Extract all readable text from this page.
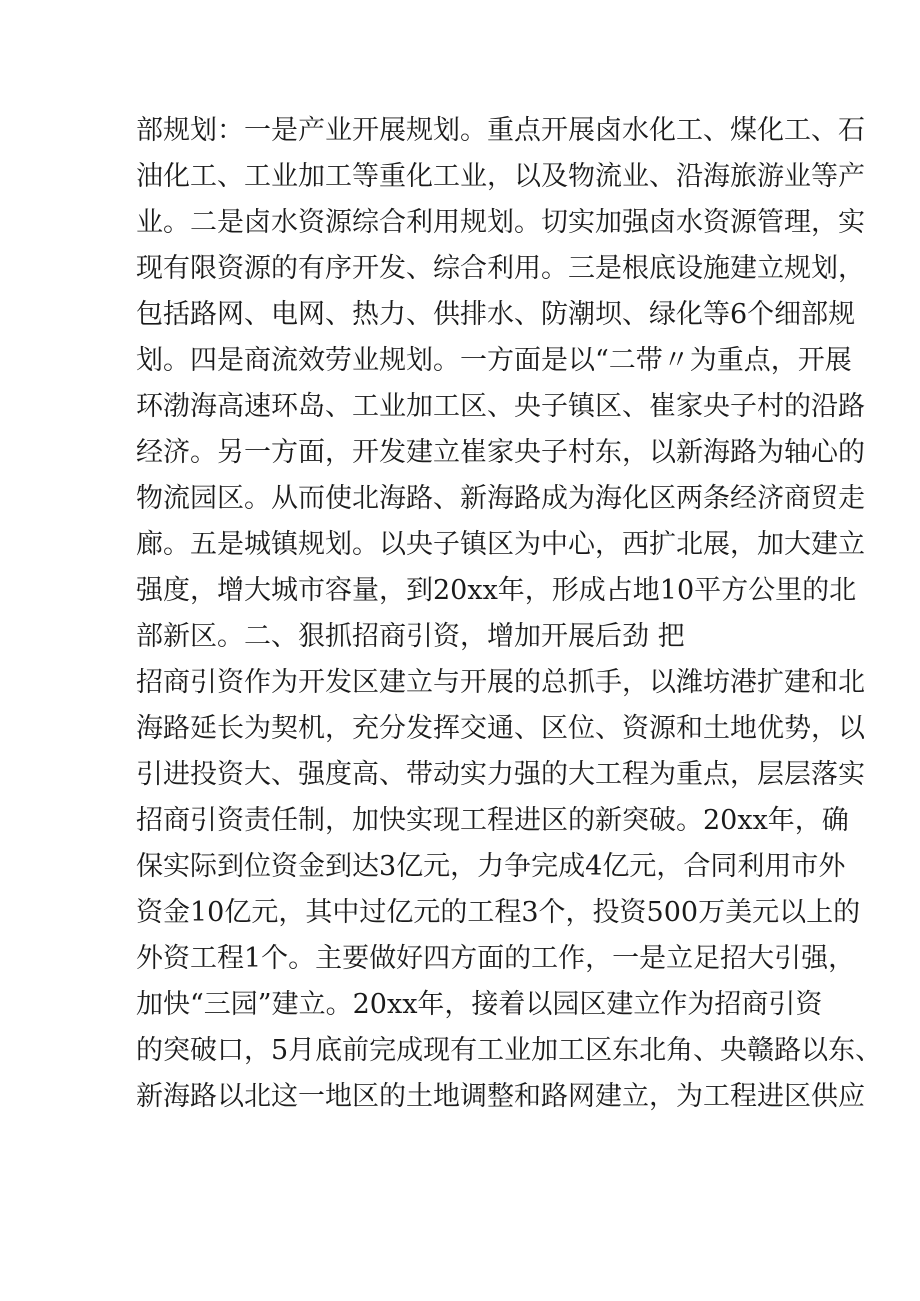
部规划：一是产业开展规划。重点开展卤水化工、煤化工、石
油化工、工业加工等重化工业，以及物流业、沿海旅游业等产
业。二是卤水资源综合利用规划。切实加强卤水资源管理，实
现有限资源的有序开发、综合利用。三是根底设施建立规划，
包括路网、电网、热力、供排水、防潮坝、绿化等6个细部规
划。四是商流效劳业规划。一方面是以“二带〃为重点，开展
环渤海高速环岛、工业加工区、央子镇区、崔家央子村的沿路
经济。另一方面，开发建立崔家央子村东，以新海路为轴心的
物流园区。从而使北海路、新海路成为海化区两条经济商贸走
廊。五是城镇规划。以央子镇区为中心，西扩北展，加大建立
强度，增大城市容量，到20xx年，形成占地10平方公里的北
部新区。二、狠抓招商引资，增加开展后劲 把
招商引资作为开发区建立与开展的总抓手，以潍坊港扩建和北
海路延长为契机，充分发挥交通、区位、资源和土地优势，以
引进投资大、强度高、带动实力强的大工程为重点，层层落实
招商引资责任制，加快实现工程进区的新突破。20xx年，确
保实际到位资金到达3亿元，力争完成4亿元，合同利用市外
资金10亿元，其中过亿元的工程3个，投资500万美元以上的
外资工程1个。主要做好四方面的工作，一是立足招大引强，
加快“三园”建立。20xx年，接着以园区建立作为招商引资
的突破口，5月底前完成现有工业加工区东北角、央赣路以东、
新海路以北这一地区的土地调整和路网建立，为工程进区供应
